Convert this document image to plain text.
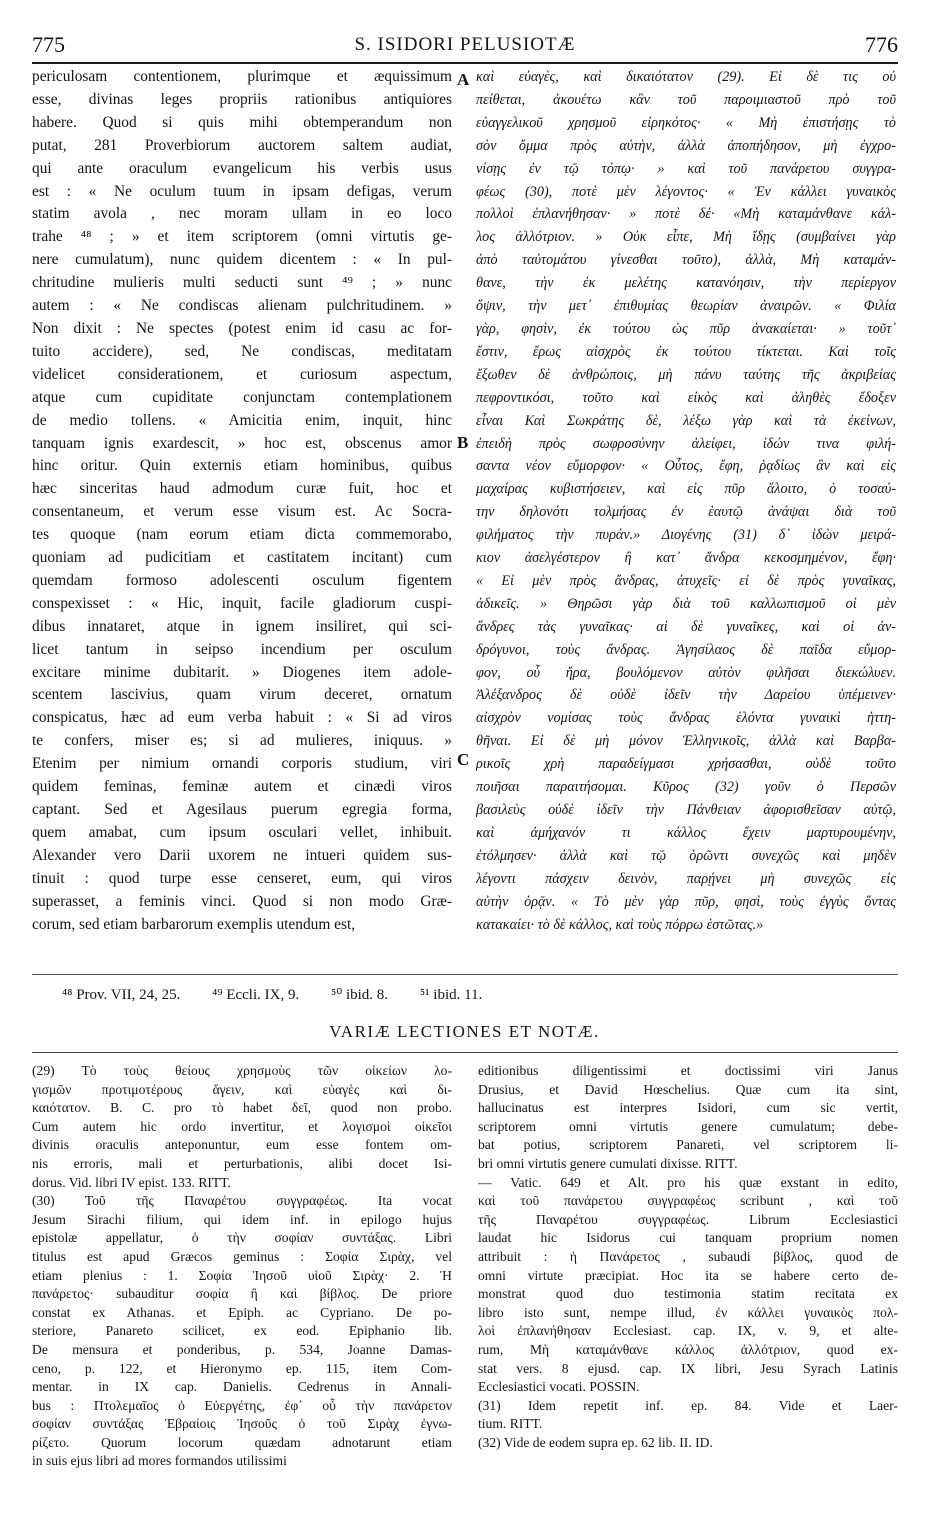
775	S. ISIDORI PELUSIOTÆ	776
periculosam contentionem, plurimque et æquissimum
esse, divinas leges propriis rationibus antiquiores
habere. Quod si quis mihi obtemperandum non
putat, 281 Proverbiorum auctorem saltem audiat,
qui ante oraculum evangelicum his verbis usus
est : « Ne oculum tuum in ipsam defigas, verum
statim avola , nec moram ullam in eo loco
trahe ⁴⁸ ; » et item scriptorem (omni virtutis ge-
nere cumulatum), nunc quidem dicentem : « In pul-
chritudine mulieris multi seducti sunt ⁴⁹ ; » nunc
autem : « Ne condiscas alienam pulchritudinem. »
Non dixit : Ne spectes (potest enim id casu ac for-
tuito accidere), sed, Ne condiscas, meditatam
videlicet considerationem, et curiosum aspectum,
atque cum cupiditate conjunctam contemplationem
de medio tollens. « Amicitia enim, inquit, hinc
tanquam ignis exardescit, » hoc est, obscenus amor
hinc oritur. Quin externis etiam hominibus, quibus
hæc sinceritas haud admodum curæ fuit, hoc et
consentaneum, et verum esse visum est. Ac Socra-
tes quoque (nam eorum etiam dicta commemorabo,
quoniam ad pudicitiam et castitatem incitant) cum
quemdam formoso adolescenti osculum figentem
conspexisset : « Hic, inquit, facile gladiorum cuspi-
dibus innataret, atque in ignem insiliret, qui sci-
licet tantum in seipso incendium per osculum
excitare minime dubitarit. » Diogenes item adole-
scentem lascivius, quam virum deceret, ornatum
conspicatus, hæc ad eum verba habuit : « Si ad viros
te confers, miser es; si ad mulieres, iniquus. »
Etenim per nimium ornandi corporis studium, viri
quidem feminas, feminæ autem et cinædi viros
captant. Sed et Agesilaus puerum egregia forma,
quem amabat, cum ipsum osculari vellet, inhibuit.
Alexander vero Darii uxorem ne intueri quidem sus-
tinuit : quod turpe esse censeret, eum, qui viros
superasset, a feminis vinci. Quod si non modo Græ-
corum, sed etiam barbarorum exemplis utendum est,
A
B
C
καὶ εὐαγὲς, καὶ δικαιότατον (29). Εἰ δὲ τις οὐ
πείθεται, ἀκουέτω κἂν τοῦ παροιμιαστοῦ πρὸ τοῦ
εὐαγγελικοῦ χρησμοῦ εἰρηκότος· « Μὴ ἐπιστήσῃς τὸ
σὸν ὄμμα πρὸς αὐτὴν, ἀλλὰ ἀποπήδησον, μὴ ἐγχρο-
νίσῃς ἐν τῷ τόπῳ· » καὶ τοῦ πανάρετου συγγρα-
φέως (30), ποτὲ μὲν λέγοντος· « Ἐν κάλλει γυναικὸς
πολλοὶ ἐπλανήθησαν· » ποτὲ δέ· «Μὴ καταμάνθανε κάλ-
λος ἀλλότριον. » Οὐκ εἶπε, Μὴ ἴδῃς (συμβαίνει γὰρ
ἀπὸ ταὐτομάτου γίνεσθαι τοῦτο), ἀλλὰ, Μὴ καταμάν-
θανε, τὴν ἐκ μελέτης κατανόησιν, τὴν περίεργον
ὄψιν, τὴν μετ᾽ ἐπιθυμίας θεωρίαν ἀναιρῶν. « Φιλία
γὰρ, φησὶν, ἐκ τούτου ὡς πῦρ ἀνακαίεται· » τοῦτ᾽
ἔστιν, ἔρως αἰσχρὸς ἐκ τούτου τίκτεται. Καὶ τοῖς
ἔξωθεν δὲ ἀνθρώποις, μὴ πάνυ ταύτης τῆς ἀκριβείας
πεφροντικόσι, τοῦτο καὶ εἰκὸς καὶ ἀληθὲς ἔδοξεν
εἶναι Καὶ Σωκράτης δὲ, λέξω γὰρ καὶ τὰ ἐκείνων,
ἐπειδὴ πρὸς σωφροσύνην ἀλείφει, ἰδών τινα φιλή-
σαντα νέον εὔμορφον· « Οὗτος, ἔφη, ῥᾳδίως ἂν καὶ εἰς
μαχαίρας κυβιστήσειεν, καὶ εἰς πῦρ ἅλοιτο, ὁ τοσαύ-
την δηλονότι τολμήσας ἐν ἑαυτῷ ἀνάψαι διὰ τοῦ
φιλήματος τὴν πυράν.» Διογένης (31) δ᾽ ἰδὼν μειρά-
κιον ἀσελγέστερον ἢ κατ᾽ ἄνδρα κεκοσμημένον, ἔφη·
« Εἰ μὲν πρὸς ἄνδρας, ἀτυχεῖς· εἰ δὲ πρὸς γυναῖκας,
ἀδικεῖς. » Θηρῶσι γὰρ διὰ τοῦ καλλωπισμοῦ οἱ μὲν
ἄνδρες τὰς γυναῖκας· αἱ δὲ γυναῖκες, καὶ οἱ ἀν-
δρόγυνοι, τοὺς ἄνδρας. Ἀγησίλαος δὲ παῖδα εὔμορ-
φον, οὗ ἤρα, βουλόμενον αὐτὸν φιλῆσαι διεκώλυεν.
Ἀλέξανδρος δὲ οὐδὲ ἰδεῖν τὴν Δαρείου ὑπέμεινεν·
αἰσχρὸν νομίσας τοὺς ἄνδρας ἑλόντα γυναικὶ ἡττη-
θῆναι. Εἰ δὲ μὴ μόνον Ἑλληνικοῖς, ἀλλὰ καὶ Βαρβα-
ρικοῖς χρὴ παραδείγμασι χρήσασθαι, οὐδὲ τοῦτο
ποιῆσαι παραιτήσομαι. Κῦρος (32) γοῦν ὁ Περσῶν
βασιλεὺς οὐδὲ ἰδεῖν τὴν Πάνθειαν ἀφορισθεῖσαν αὐτῷ,
καὶ ἀμήχανόν τι κάλλος ἔχειν μαρτυρουμένην,
ἐτόλμησεν· ἀλλὰ καὶ τῷ ὁρῶντι συνεχῶς καὶ μηδὲν
λέγοντι πάσχειν δεινὸν, παρῄνει μὴ συνεχῶς εἰς
αὐτὴν ὁρᾷν. « Τὸ μὲν γὰρ πῦρ, φησὶ, τοὺς ἐγγὺς ὄντας
κατακαίει· τὸ δὲ κάλλος, καὶ τοὺς πόρρω ἑστῶτας.»
⁴⁸ Prov. VII, 24, 25. ⁴⁹ Eccli. IX, 9. ⁵⁰ ibid. 8. ⁵¹ ibid. 11.
VARIÆ LECTIONES ET NOTÆ.
(29) Τὸ τοὺς θείους χρησμοὺς τῶν οἰκείων λο-
γισμῶν προτιμοτέρους ἄγειν, καὶ εὐαγὲς καὶ δι-
καιότατον. B. C. pro τὸ habet δεῖ, quod non probo.
Cum autem hic ordo invertitur, et λογισμοὶ οἰκεῖοι
divinis oraculis anteponuntur, eum esse fontem om-
nis erroris, mali et perturbationis, alibi docet Isi-
dorus. Vid. libri IV epist. 133. RITT.
(30) Τοῦ τῆς Παναρέτου συγγραφέως. Ita vocat
Jesum Sirachi filium, qui idem inf. in epilogo hujus
epistolæ appellatur, ὁ τὴν σοφίαν συντάξας. Libri
titulus est apud Græcos geminus : Σοφία Σιρὰχ, vel
etiam plenius : 1. Σοφία Ἰησοῦ υἱοῦ Σιρὰχ· 2. Ἡ
πανάρετος· subauditur σοφία ἢ καὶ βίβλος. De priore
constat ex Athanas. et Epiph. ac Cypriano. De po-
steriore, Panareto scilicet, ex eod. Epiphanio lib.
De mensura et ponderibus, p. 534, Joanne Damas-
ceno, p. 122, et Hieronymo ep. 115, item Com-
mentar. in IX cap. Danielis. Cedrenus in Annali-
bus : Πτολεμαῖος ὁ Εὐεργέτης, ἐφ᾽ οὗ τὴν πανάρετον
σοφίαν συντάξας Ἑβραίοις Ἰησοῦς ὁ τοῦ Σιρὰχ ἐγνω-
ρίζετο. Quorum locorum quædam adnotarunt etiam
in suis ejus libri ad mores formandos utilissimi
editionibus diligentissimi et doctissimi viri Janus
Drusius, et David Hœschelius. Quæ cum ita sint,
hallucinatus est interpres Isidori, cum sic vertit,
scriptorem omni virtutis genere cumulatum; debe-
bat potius, scriptorem Panareti, vel scriptorem li-
bri omni virtutis genere cumulati dixisse. RITT.
— Vatic. 649 et Alt. pro his quæ exstant in edito,
καὶ τοῦ πανάρετου συγγραφέως scribunt , καὶ τοῦ
τῆς Παναρέτου συγγραφέως. Librum Ecclesiastici
laudat hic Isidorus cui tanquam proprium nomen
attribuit : ἡ Πανάρετος , subaudi βίβλος, quod de
omni virtute præcipiat. Hoc ita se habere certo de-
monstrat quod duo testimonia statim recitata ex
libro isto sunt, nempe illud, ἐν κάλλει γυναικὸς πολ-
λοὶ ἐπλανήθησαν Ecclesiast. cap. IX, v. 9, et alte-
rum, Μὴ καταμάνθανε κάλλος ἀλλότριον, quod ex-
stat vers. 8 ejusd. cap. IX libri, Jesu Syrach Latinis
Ecclesiastici vocati. POSSIN.
(31) Idem repetit inf. ep. 84. Vide et Laer-
tium. RITT.
(32) Vide de eodem supra ep. 62 lib. II. ID.
